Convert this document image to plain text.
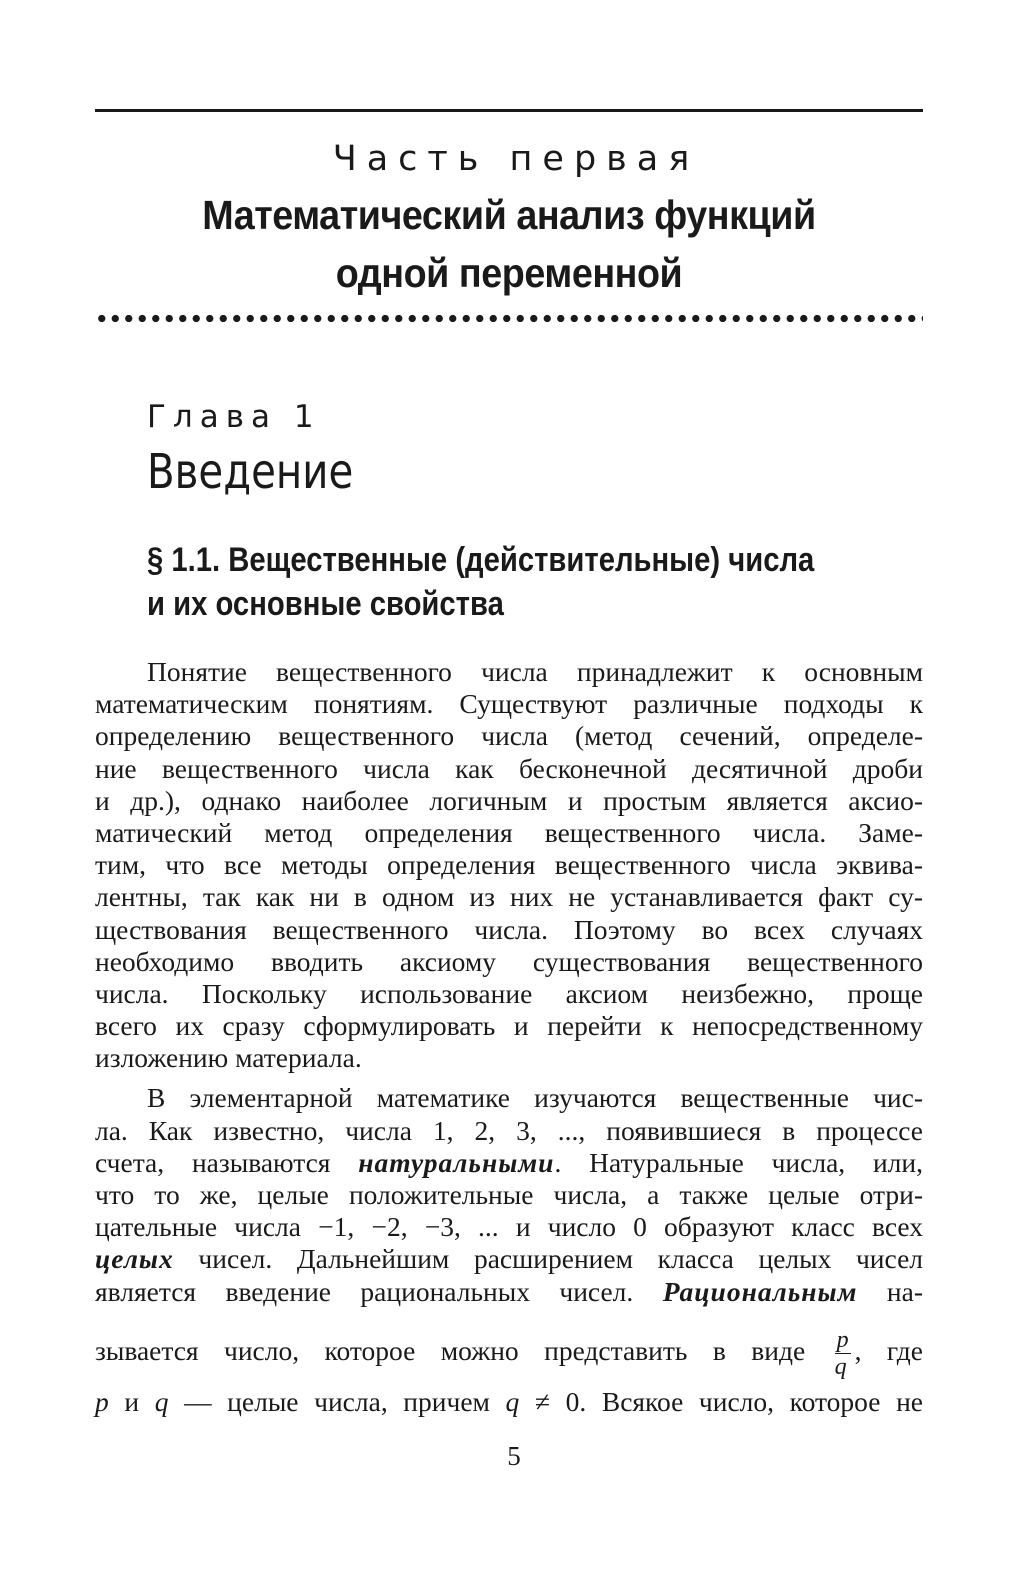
Часть первая
Математический анализ функций
одной переменной
Глава 1
Введение
§ 1.1. Вещественные (действительные) числа
и их основные свойства
Понятие вещественного числа принадлежит к основным
математическим понятиям. Существуют различные подходы к
определению вещественного числа (метод сечений, определе-
ние вещественного числа как бесконечной десятичной дроби
и др.), однако наиболее логичным и простым является аксио-
матический метод определения вещественного числа. Заме-
тим, что все методы определения вещественного числа эквива-
лентны, так как ни в одном из них не устанавливается факт су-
ществования вещественного числа. Поэтому во всех случаях
необходимо вводить аксиому существования вещественного
числа. Поскольку использование аксиом неизбежно, проще
всего их сразу сформулировать и перейти к непосредственному
изложению материала.
В элементарной математике изучаются вещественные чис-
ла. Как известно, числа 1, 2, 3, ..., появившиеся в процессе
счета, называются натуральными. Натуральные числа, или,
что то же, целые положительные числа, а также целые отри-
цательные числа −1, −2, −3, ... и число 0 образуют класс всех
целых чисел. Дальнейшим расширением класса целых чисел
является введение рациональных чисел. Рациональным на-
зывается число, которое можно представить в виде $\frac{p}{q}$ , где
p и q — целые числа, причем q ≠ 0. Всякое число, которое не
5
